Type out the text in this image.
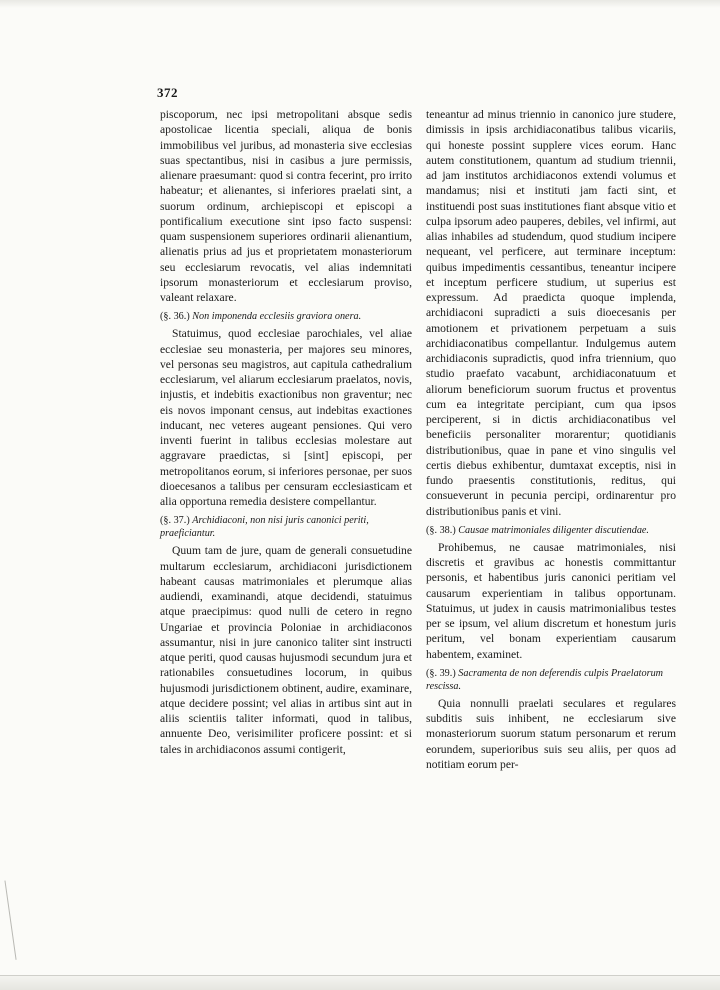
372

piscoporum, nec ipsi metropolitani absque sedis apostolicae licentia speciali, aliqua de bonis immobilibus vel juribus, ad monasteria sive ecclesias suas spectantibus, nisi in casibus a jure permissis, alienare praesumant: quod si contra fecerint, pro irrito habeatur; et alienantes, si inferiores praelati sint, a suorum ordinum, archiepiscopi et episcopi a pontificalium executione sint ipso facto suspensi: quam suspensionem superiores ordinarii alienantium, alienatis prius ad jus et proprietatem monasteriorum seu ecclesiarum revocatis, vel alias indemnitati ipsorum monasteriorum et ecclesiarum proviso, valeant relaxare.

(§. 36.) Non imponenda ecclesiis graviora onera.

Statuimus, quod ecclesiae parochiales, vel aliae ecclesiae seu monasteria, per majores seu minores, vel personas seu magistros, aut capitula cathedralium ecclesiarum, vel aliarum ecclesiarum praelatos, novis, injustis, et indebitis exactionibus non graventur; nec eis novos imponant census, aut indebitas exactiones inducant, nec veteres augeant pensiones. Qui vero inventi fuerint in talibus ecclesias molestare aut aggravare praedictas, si [sint] episcopi, per metropolitanos eorum, si inferiores personae, per suos dioecesanos a talibus per censuram ecclesiasticam et alia opportuna remedia desistere compellantur.

(§. 37.) Archidiaconi, non nisi juris canonici periti, praeficiantur.

Quum tam de jure, quam de generali consuetudine multarum ecclesiarum, archidiaconi jurisdictionem habeant causas matrimoniales et plerumque alias audiendi, examinandi, atque decidendi, statuimus atque praecipimus: quod nulli de cetero in regno Ungariae et provincia Poloniae in archidiaconos assumantur, nisi in jure canonico taliter sint instructi atque periti, quod causas hujusmodi secundum jura et rationabiles consuetudines locorum, in quibus hujusmodi jurisdictionem obtinent, audire, examinare, atque decidere possint; vel alias in artibus sint aut in aliis scientiis taliter informati, quod in talibus, annuente Deo, verisimiliter proficere possint: et si tales in archidiaconos assumi contigerit,

teneantur ad minus triennio in canonico jure studere, dimissis in ipsis archidiaconatibus talibus vicariis, qui honeste possint supplere vices eorum. Hanc autem constitutionem, quantum ad studium triennii, ad jam institutos archidiaconos extendi volumus et mandamus; nisi et instituti jam facti sint, et instituendi post suas institutiones fiant absque vitio et culpa ipsorum adeo pauperes, debiles, vel infirmi, aut alias inhabiles ad studendum, quod studium incipere nequeant, vel perficere, aut terminare inceptum: quibus impedimentis cessantibus, teneantur incipere et inceptum perficere studium, ut superius est expressum. Ad praedicta quoque implenda, archidiaconi supradicti a suis dioecesanis per amotionem et privationem perpetuam a suis archidiaconatibus compellantur. Indulgemus autem archidiaconis supradictis, quod infra triennium, quo studio praefato vacabunt, archidiaconatuum et aliorum beneficiorum suorum fructus et proventus cum ea integritate percipiant, cum qua ipsos perciperent, si in dictis archidiaconatibus vel beneficiis personaliter morarentur; quotidianis distributionibus, quae in pane et vino singulis vel certis diebus exhibentur, dumtaxat exceptis, nisi in fundo praesentis constitutionis, reditus, qui consueverunt in pecunia percipi, ordinarentur pro distributionibus panis et vini.

(§. 38.) Causae matrimoniales diligenter discutiendae.

Prohibemus, ne causae matrimoniales, nisi discretis et gravibus ac honestis committantur personis, et habentibus juris canonici peritiam vel causarum experientiam in talibus opportunam. Statuimus, ut judex in causis matrimonialibus testes per se ipsum, vel alium discretum et honestum juris peritum, vel bonam experientiam causarum habentem, examinet.

(§. 39.) Sacramenta de non deferendis culpis Praelatorum rescissa.

Quia nonnulli praelati seculares et regulares subditis suis inhibent, ne ecclesiarum sive monasteriorum suorum statum personarum et rerum eorundem, superioribus suis seu aliis, per quos ad notitiam eorum per-
